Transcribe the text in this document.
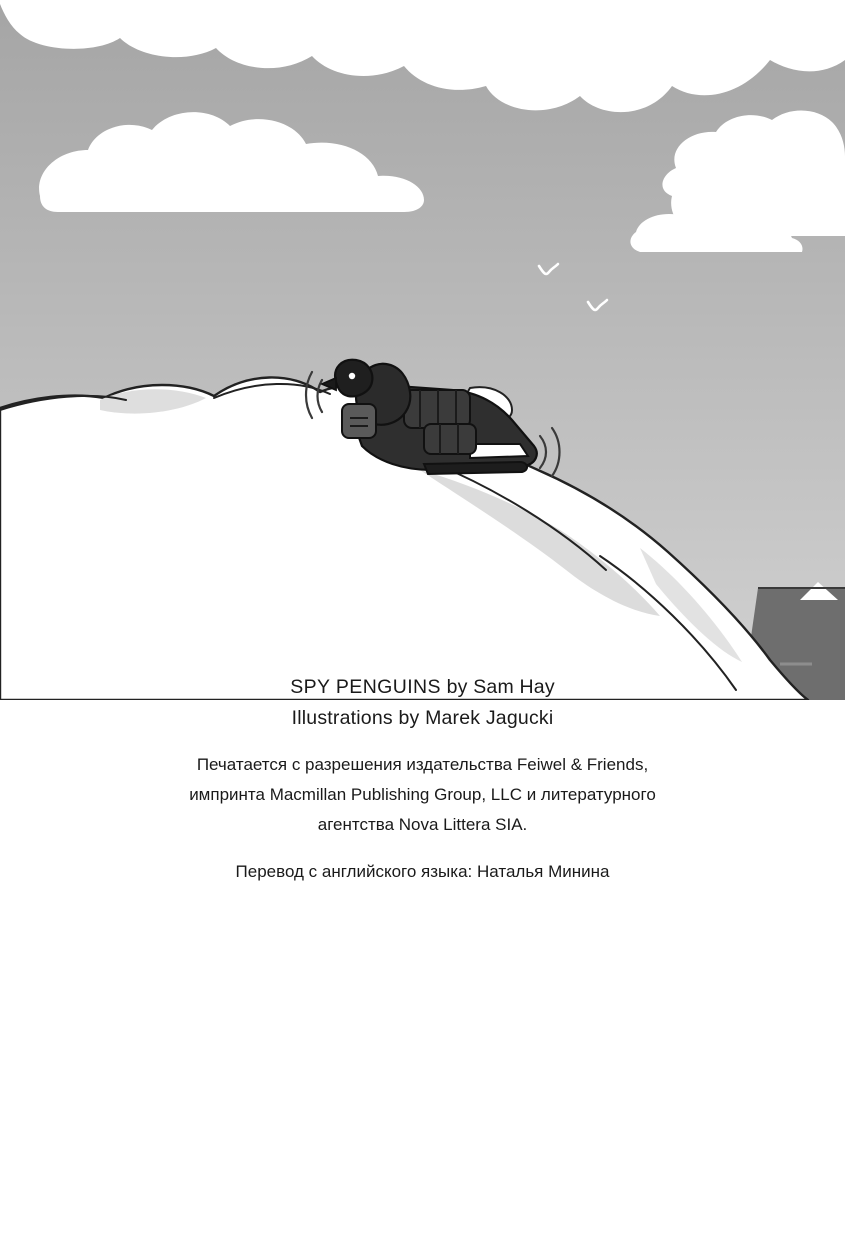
SPY PENGUINS by Sam Hay

Illustrations by Marek Jagucki

Печатается с разрешения издательства Feiwel & Friends,
импринта Macmillan Publishing Group, LLC и литературного
агентства Nova Littera SIA.

Перевод с английского языка: Наталья Минина
